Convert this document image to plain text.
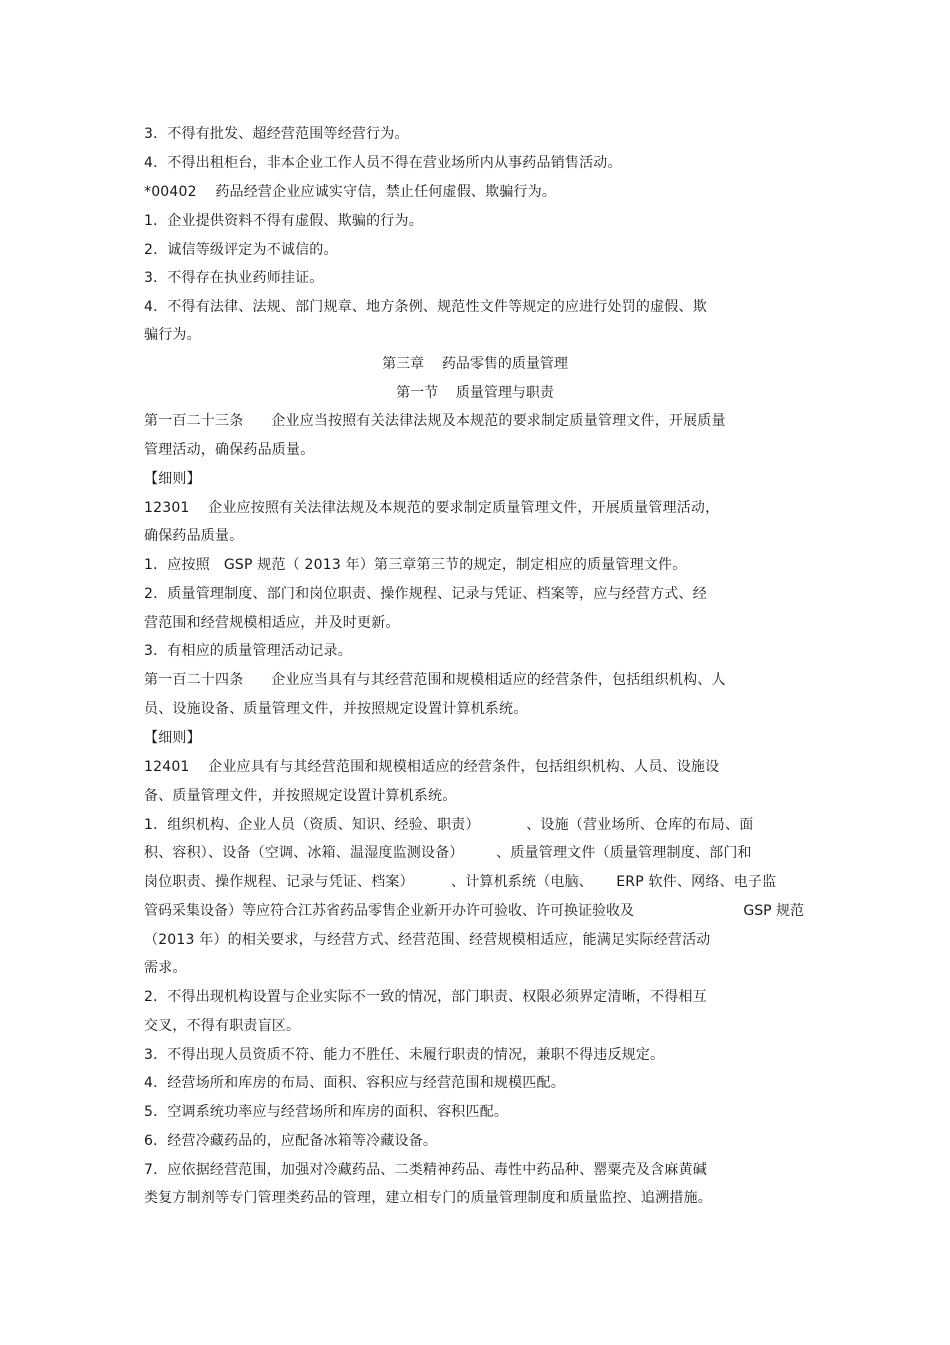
3．不得有批发、超经营范围等经营行为。
4．不得出租柜台，非本企业工作人员不得在营业场所内从事药品销售活动。
*00402    药品经营企业应诚实守信，禁止任何虚假、欺骗行为。
1．企业提供资料不得有虚假、欺骗的行为。
2．诚信等级评定为不诚信的。
3．不得存在执业药师挂证。
4．不得有法律、法规、部门规章、地方条例、规范性文件等规定的应进行处罚的虚假、欺
骗行为。
第三章    药品零售的质量管理
第一节    质量管理与职责
第一百二十三条      企业应当按照有关法律法规及本规范的要求制定质量管理文件，开展质量
管理活动，确保药品质量。
【细则】
12301    企业应按照有关法律法规及本规范的要求制定质量管理文件，开展质量管理活动，
确保药品质量。
1．应按照   GSP 规范（ 2013 年）第三章第三节的规定，制定相应的质量管理文件。
2．质量管理制度、部门和岗位职责、操作规程、记录与凭证、档案等，应与经营方式、经
营范围和经营规模相适应，并及时更新。
3．有相应的质量管理活动记录。
第一百二十四条      企业应当具有与其经营范围和规模相适应的经营条件，包括组织机构、人
员、设施设备、质量管理文件，并按照规定设置计算机系统。
【细则】
12401    企业应具有与其经营范围和规模相适应的经营条件，包括组织机构、人员、设施设
备、质量管理文件，并按照规定设置计算机系统。
1．组织机构、企业人员（资质、知识、经验、职责）          、设施（营业场所、仓库的布局、面
积、容积）、设备（空调、冰箱、温湿度监测设备）       、质量管理文件（质量管理制度、部门和
岗位职责、操作规程、记录与凭证、档案）        、计算机系统（电脑、     ERP 软件、网络、电子监
管码采集设备）等应符合江苏省药品零售企业新开办许可验收、许可换证验收及	GSP 规范
（2013 年）的相关要求，与经营方式、经营范围、经营规模相适应，能满足实际经营活动
需求。
2．不得出现机构设置与企业实际不一致的情况，部门职责、权限必须界定清晰，不得相互
交叉，不得有职责盲区。
3．不得出现人员资质不符、能力不胜任、未履行职责的情况，兼职不得违反规定。
4．经营场所和库房的布局、面积、容积应与经营范围和规模匹配。
5．空调系统功率应与经营场所和库房的面积、容积匹配。
6．经营冷藏药品的，应配备冰箱等冷藏设备。
7．应依据经营范围，加强对冷藏药品、二类精神药品、毒性中药品种、罂粟壳及含麻黄碱
类复方制剂等专门管理类药品的管理，建立相专门的质量管理制度和质量监控、追溯措施。
